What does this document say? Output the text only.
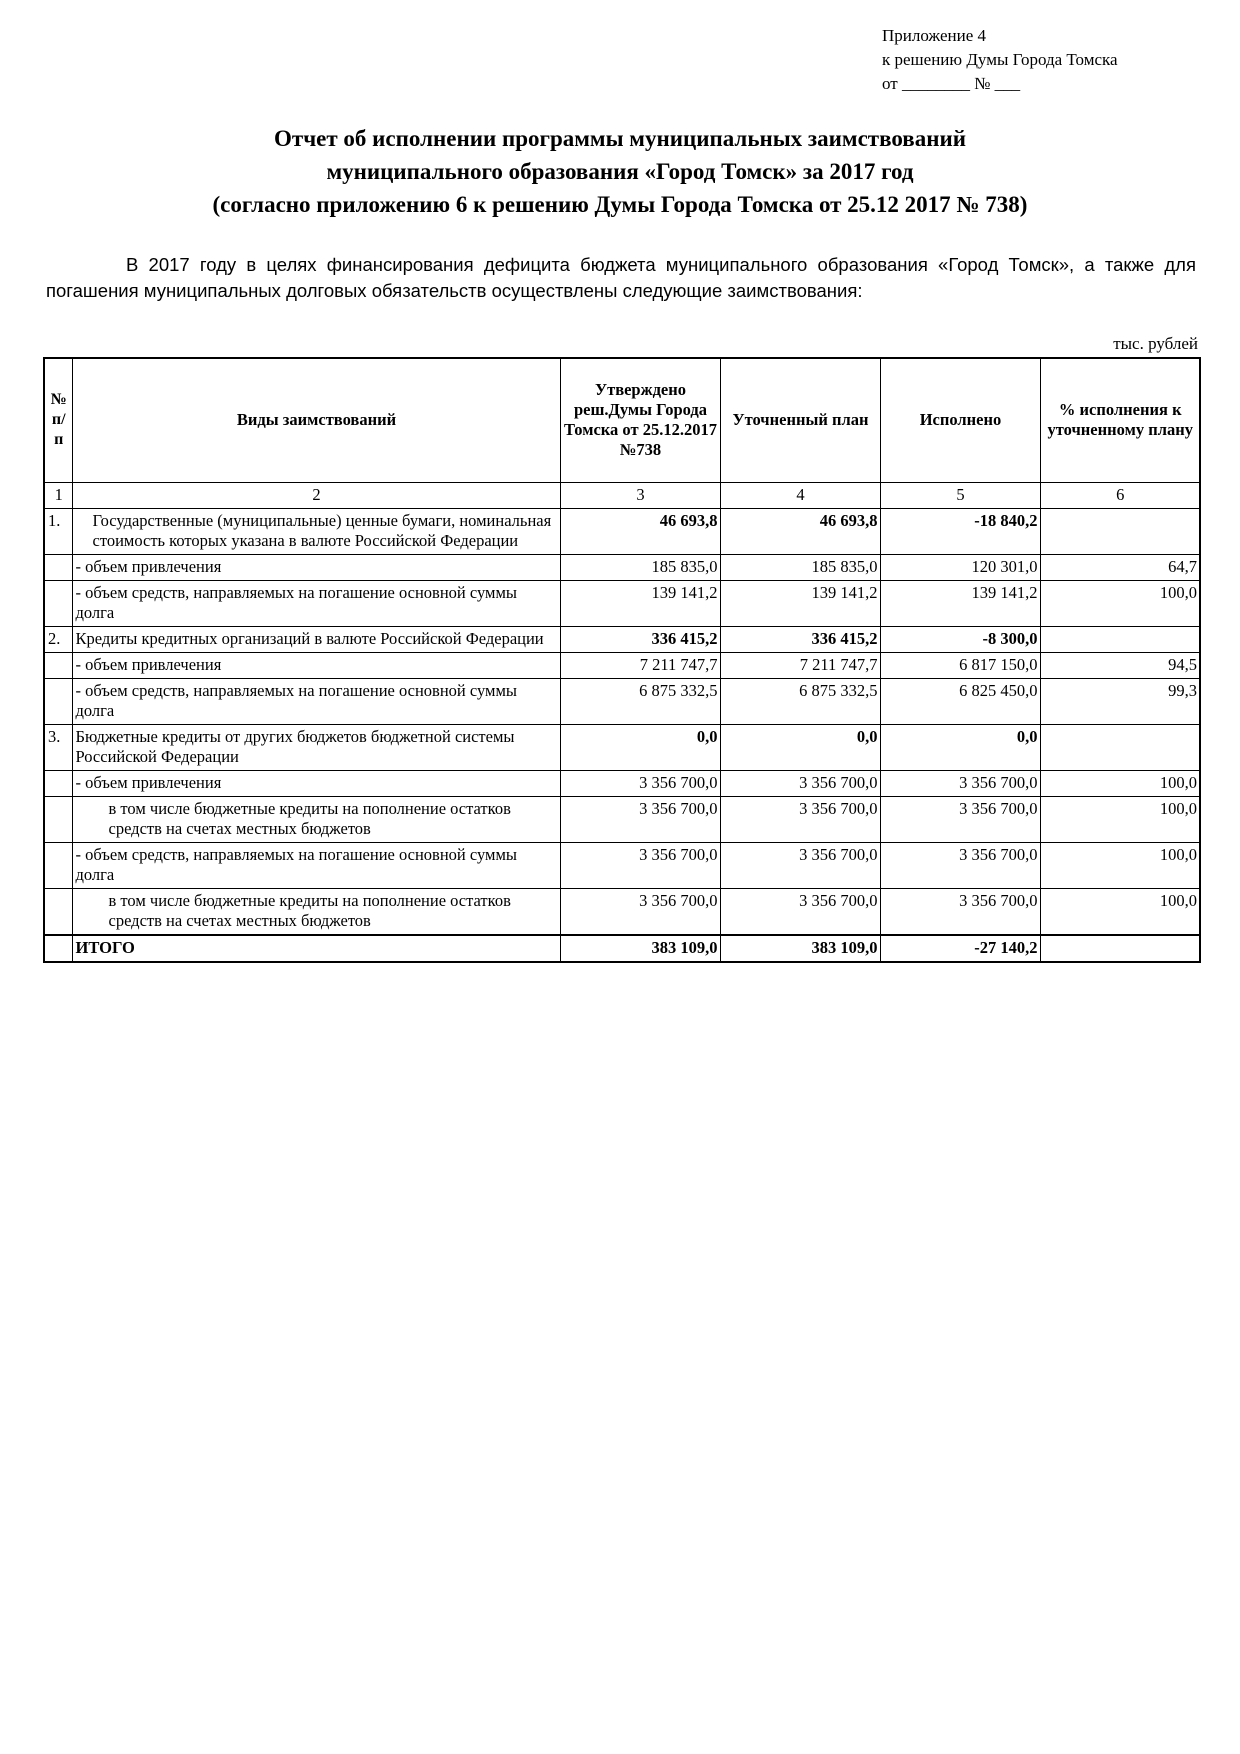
Приложение 4
к решению Думы Города Томска
от ________ № ___
Отчет об исполнении программы муниципальных заимствований
муниципального образования «Город Томск» за 2017 год
(согласно приложению 6 к решению Думы Города Томска от 25.12 2017 № 738)
В 2017 году в целях финансирования дефицита бюджета муниципального образования «Город Томск», а также для погашения муниципальных долговых обязательств осуществлены следующие заимствования:
тыс. рублей
№ п/п	Виды заимствований	Утверждено реш.Думы Города Томска от 25.12.2017 №738	Уточненный план	Исполнено	% исполнения к уточненному плану
1	2	3	4	5	6
1.	Государственные (муниципальные) ценные бумаги, номинальная стоимость которых указана в валюте Российской Федерации	46 693,8	46 693,8	-18 840,2	
	- объем привлечения	185 835,0	185 835,0	120 301,0	64,7
	- объем средств, направляемых на погашение основной суммы долга	139 141,2	139 141,2	139 141,2	100,0
2.	Кредиты кредитных организаций в валюте Российской Федерации	336 415,2	336 415,2	-8 300,0	
	- объем привлечения	7 211 747,7	7 211 747,7	6 817 150,0	94,5
	- объем средств, направляемых на погашение основной суммы долга	6 875 332,5	6 875 332,5	6 825 450,0	99,3
3.	Бюджетные кредиты от других бюджетов бюджетной системы Российской Федерации	0,0	0,0	0,0	
	- объем привлечения	3 356 700,0	3 356 700,0	3 356 700,0	100,0
	в том числе бюджетные кредиты на пополнение остатков средств на счетах местных бюджетов	3 356 700,0	3 356 700,0	3 356 700,0	100,0
	- объем средств, направляемых на погашение основной суммы долга	3 356 700,0	3 356 700,0	3 356 700,0	100,0
	в том числе бюджетные кредиты на пополнение остатков средств на счетах местных бюджетов	3 356 700,0	3 356 700,0	3 356 700,0	100,0
	ИТОГО	383 109,0	383 109,0	-27 140,2	
